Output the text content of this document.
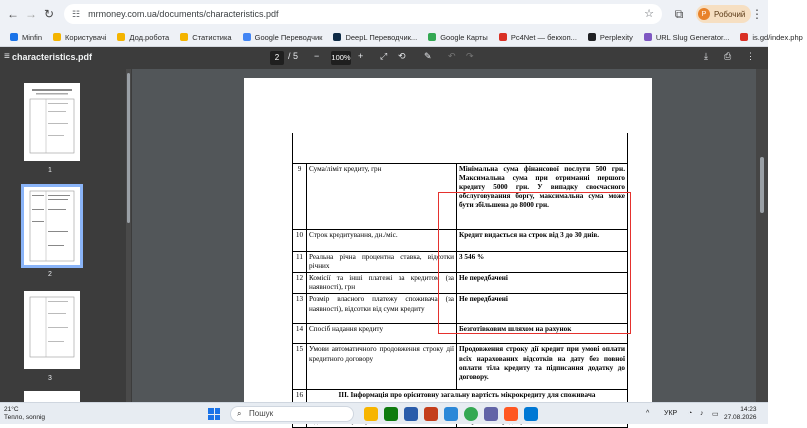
← → ↻	☷ mrmoney.com.ua/documents/characteristics.pdf	☆	⧉	Р Робочий ⋮
Minfin	Користувачі	Дод.робота	Статистика	Google Переводчик	DeepL Переводчик...	Google Карты	Pc4Net — бекхоп...	Perplexity	URL Slug Generator...	is.gd/index.php
≡ characteristics.pdf	2 / 5 − 100% + ⤢ ⟲ ✎ ↶ ↷	⤓ ⎙ ⋮
1
2
3

9	Сума/ліміт кредиту, грн	Мінімальна сума фінансової послуги 500 грн. Максимальна сума при отриманні першого кредиту 5000 грн. У випадку своєчасного обслуговування боргу, максимальна сума може бути збільшена до 8000 грн.
10	Строк кредитування, дн./міс.	Кредит видається на строк від 3 до 30 днів.
11	Реальна річна процентна ставка, відсотки річних	3 546 %
12	Комісії та інші платежі за кредитом (за наявності), грн	Не передбачені
13	Розмір власного платежу споживача (за наявності), відсотки від суми кредиту	Не передбачені
14	Спосіб надання кредиту	Безготівковим шляхом на рахунок
15	Умови автоматичного продовження строку дії кредитного договору	Продовження строку дії кредит при умові оплати всіх нарахованих відсотків на дату без повної оплати тіла кредиту та підписання додатку до договору.
16	ІІІ. Інформація про орієнтовну загальну вартість мікрокредиту для споживача	

21°C
Тепло, sonnig	⌕ Пошук	^ УКР ◔ ♪ ▭
14:23
27.08.2026
